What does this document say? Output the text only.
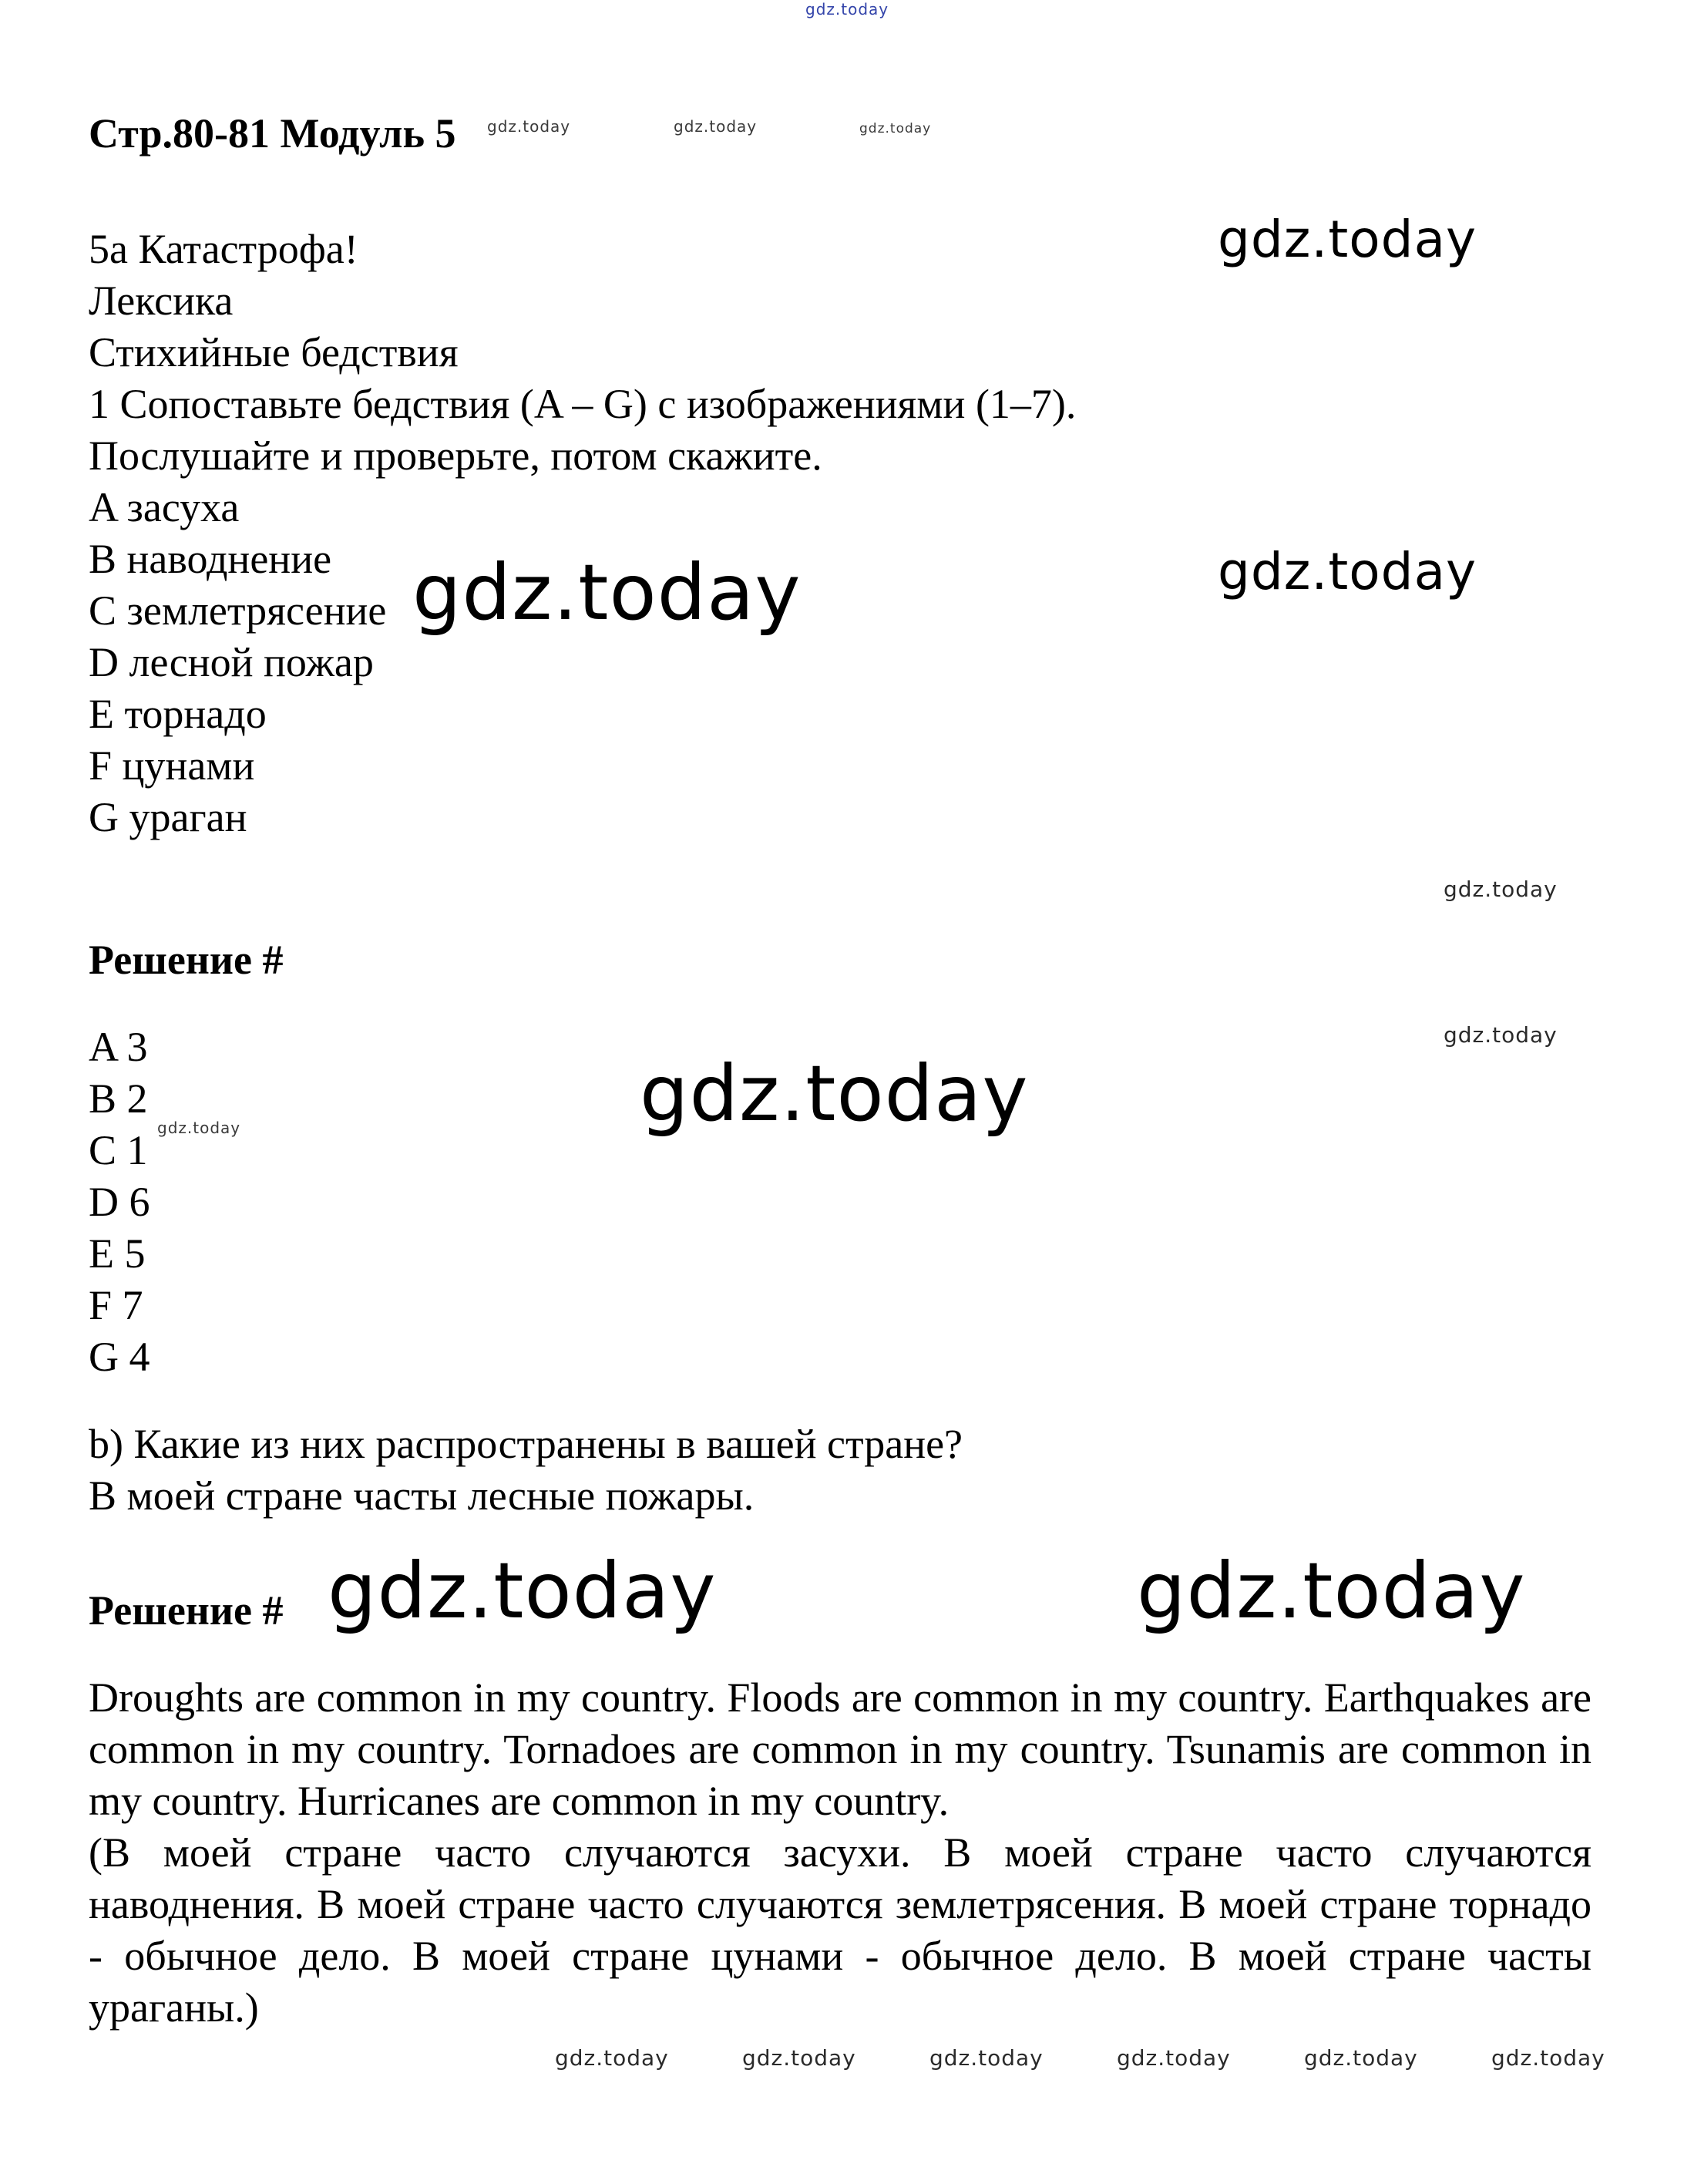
Стр.80-81 Модуль 5
5a Катастрофа!
Лексика
Стихийные бедствия
1 Сопоставьте бедствия (A – G) с изображениями (1–7).
Послушайте и проверьте, потом скажите.
A засуха
B наводнение
C землетрясение
D лесной пожар
E торнадо
F цунами
G ураган
Решение #
A 3
B 2
C 1
D 6
E 5
F 7
G 4
b) Какие из них распространены в вашей стране?
В моей стране часты лесные пожары.
Решение #
Droughts are common in my country. Floods are common in my country. Earthquakes are common in my country. Tornadoes are common in my country. Tsunamis are common in my country. Hurricanes are common in my country.
(В моей стране часто случаются засухи. В моей стране часто случаются наводнения. В моей стране часто случаются землетрясения. В моей стране торнадо - обычное дело. В моей стране цунами - обычное дело. В моей стране часты ураганы.)
gdz.today
gdz.today	gdz.today	gdz.today
gdz.today
gdz.today
gdz.today
gdz.today
gdz.today
gdz.today
gdz.today
gdz.today	gdz.today
gdz.today	gdz.today	gdz.today	gdz.today	gdz.today	gdz.today
